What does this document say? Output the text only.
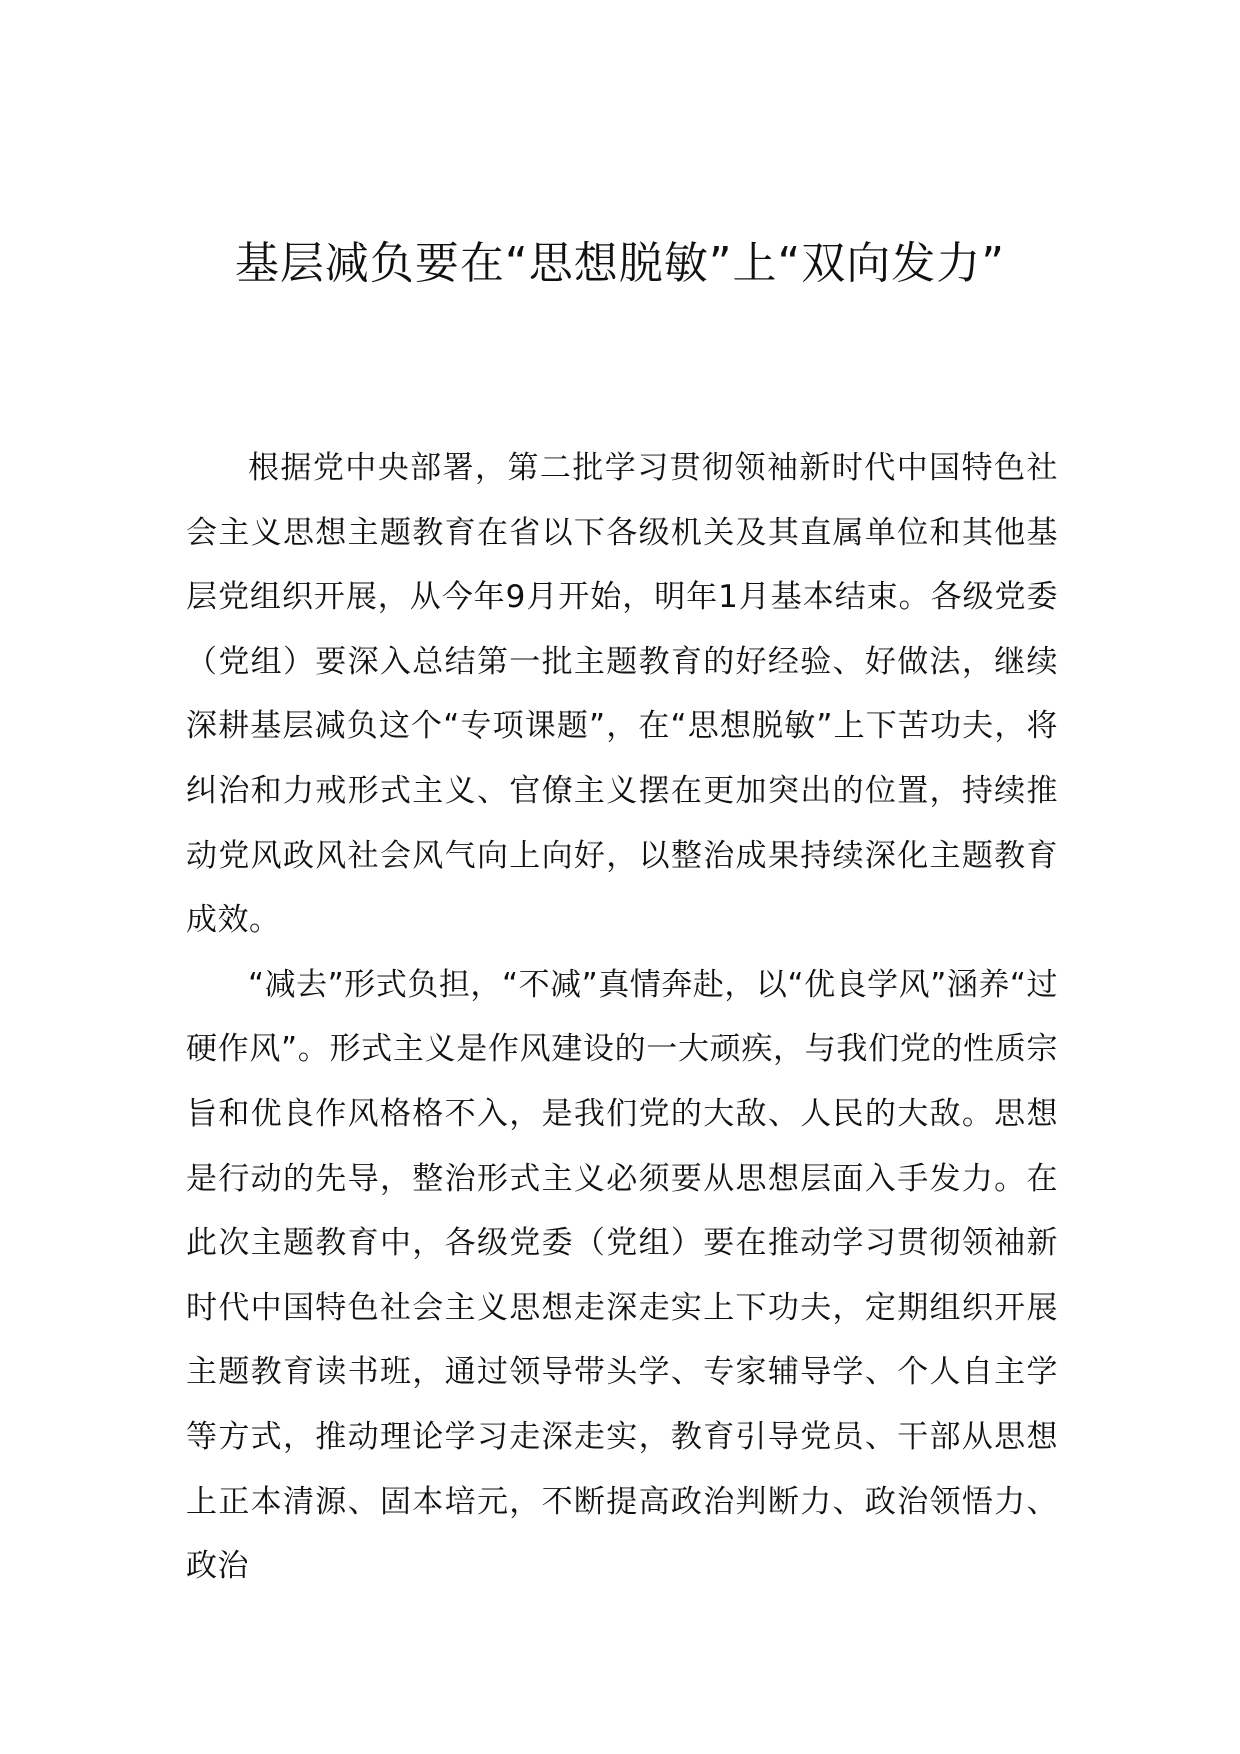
基层减负要在“思想脱敏”上“双向发力”

根据党中央部署，第二批学习贯彻领袖新时代中国特色社会主义思想主题教育在省以下各级机关及其直属单位和其他基层党组织开展，从今年9月开始，明年1月基本结束。各级党委（党组）要深入总结第一批主题教育的好经验、好做法，继续深耕基层减负这个“专项课题”，在“思想脱敏”上下苦功夫，将纠治和力戒形式主义、官僚主义摆在更加突出的位置，持续推动党风政风社会风气向上向好，以整治成果持续深化主题教育成效。

“减去”形式负担，“不减”真情奔赴，以“优良学风”涵养“过硬作风”。形式主义是作风建设的一大顽疾，与我们党的性质宗旨和优良作风格格不入，是我们党的大敌、人民的大敌。思想是行动的先导，整治形式主义必须要从思想层面入手发力。在此次主题教育中，各级党委（党组）要在推动学习贯彻领袖新时代中国特色社会主义思想走深走实上下功夫，定期组织开展主题教育读书班，通过领导带头学、专家辅导学、个人自主学等方式，推动理论学习走深走实，教育引导党员、干部从思想上正本清源、固本培元，不断提高政治判断力、政治领悟力、政治
